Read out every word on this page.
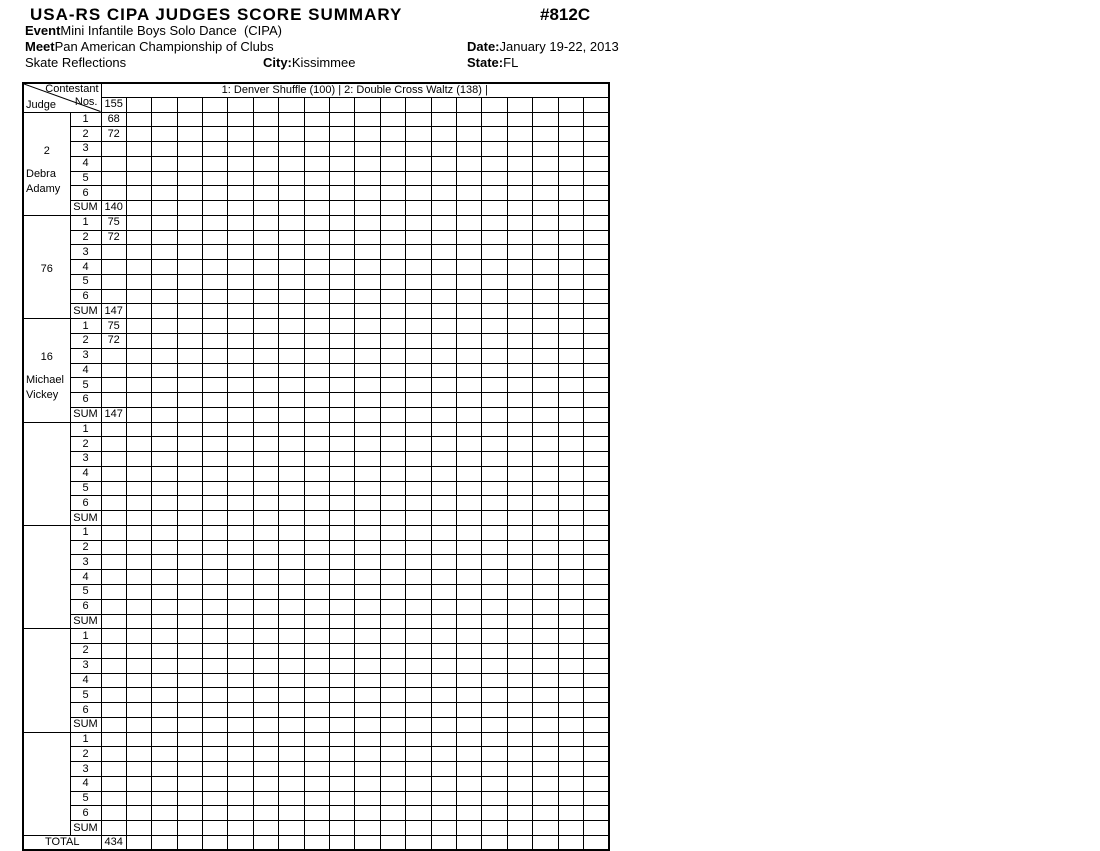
USA-RS CIPA JUDGES SCORE SUMMARY	#812C
EventMini Infantile Boys Solo Dance  (CIPA)
MeetPan American Championship of Clubs	Date:January 19-22, 2013
Skate Reflections	City:Kissimmee	State:FL
Contestant
Nos.
Judge		1: Denver Shuffle (100) | 2: Double Cross Waltz (138) |																			
		155																			

2
Debra
Adamy	1	68																			
	2	72																			
	3																				
	4																				
	5																				
	6																				
	SUM	140																			

76	1	75																			
	2	72																			
	3																				
	4																				
	5																				
	6																				
	SUM	147																			

16
Michael
Vickey	1	75																			
	2	72																			
	3																				
	4																				
	5																				
	6																				
	SUM	147																			

	1																				
	2																				
	3																				
	4																				
	5																				
	6																				
	SUM																				

	1																				
	2																				
	3																				
	4																				
	5																				
	6																				
	SUM																				

	1																				
	2																				
	3																				
	4																				
	5																				
	6																				
	SUM																				

	1																				
	2																				
	3																				
	4																				
	5																				
	6																				
	SUM																				
TOTAL		434																			
